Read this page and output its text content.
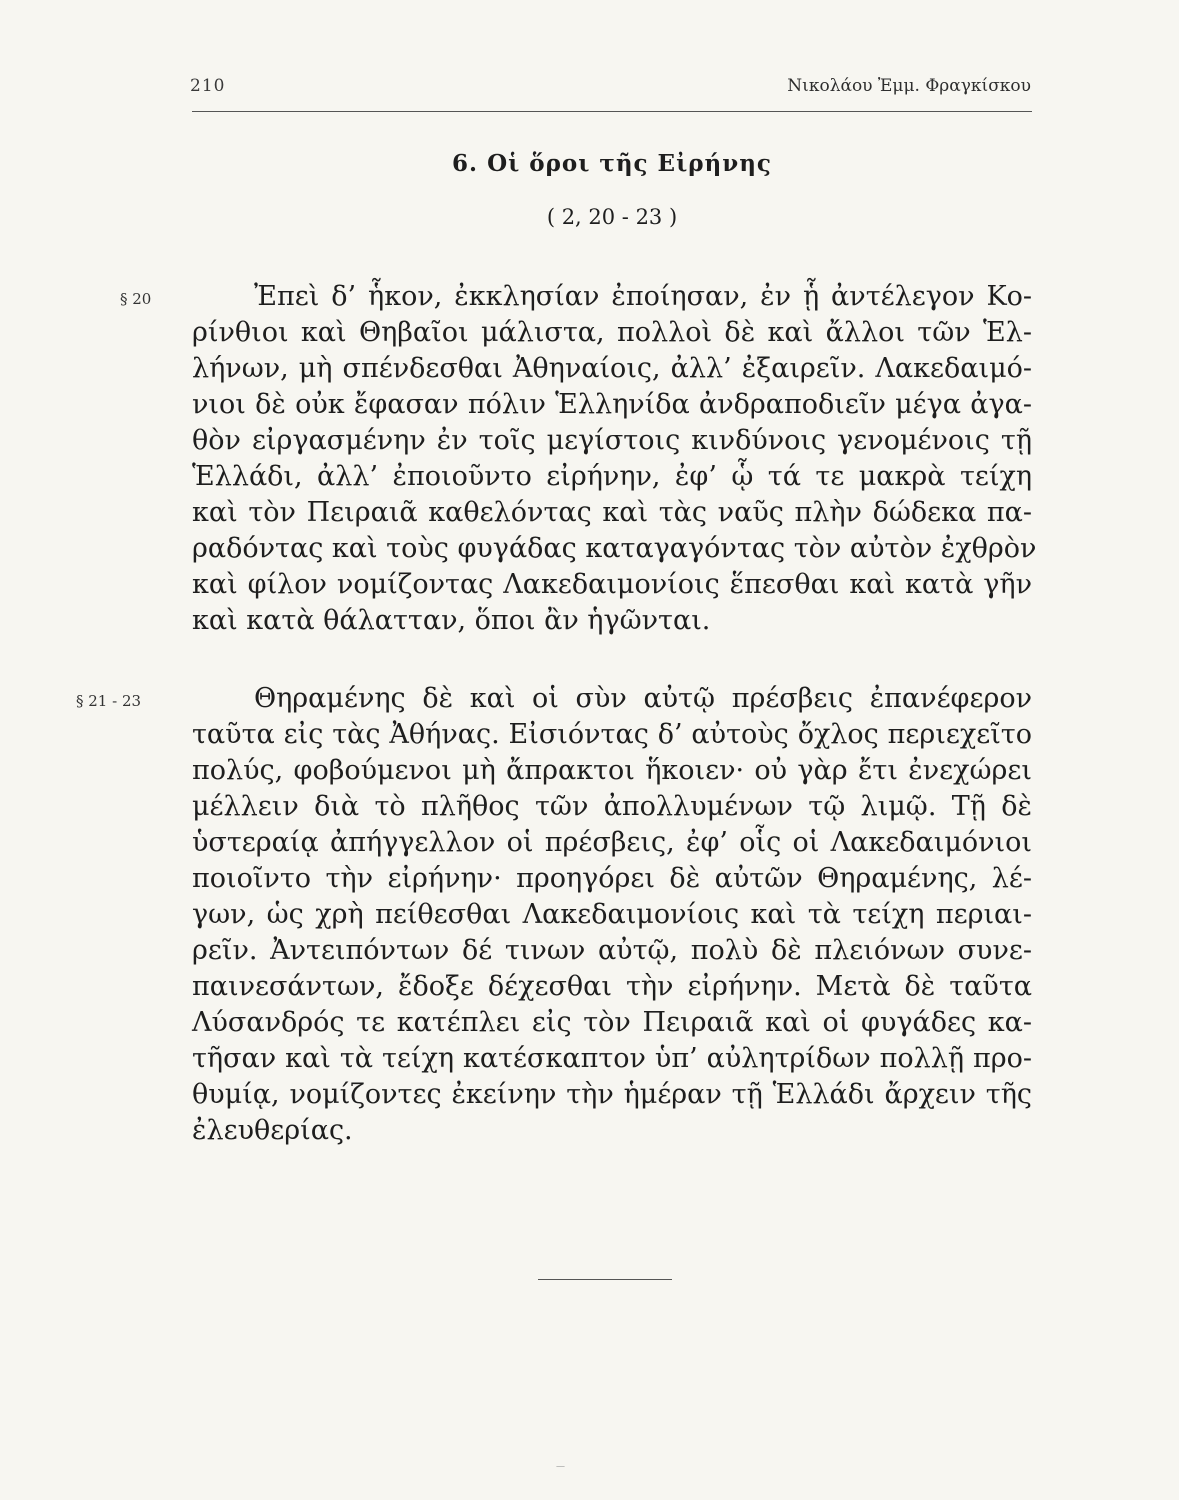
210	Νικολάου Ἐμμ. Φραγκίσκου
6. Οἱ ὅροι τῆς Εἰρήνης
( 2, 20 - 23 )
§ 20	Ἐπεὶ δ’ ἧκον, ἐκκλησίαν ἐποίησαν, ἐν ᾗ ἀντέλεγον Κο-
ρίνθιοι καὶ Θηβαῖοι μάλιστα, πολλοὶ δὲ καὶ ἄλλοι τῶν Ἑλ-
λήνων, μὴ σπένδεσθαι Ἀθηναίοις, ἀλλ’ ἐξαιρεῖν. Λακεδαιμό-
νιοι δὲ οὐκ ἔφασαν πόλιν Ἑλληνίδα ἀνδραποδιεῖν μέγα ἀγα-
θὸν εἰργασμένην ἐν τοῖς μεγίστοις κινδύνοις γενομένοις τῇ
Ἑλλάδι, ἀλλ’ ἐποιοῦντο εἰρήνην, ἐφ’ ᾧ τά τε μακρὰ τείχη
καὶ τὸν Πειραιᾶ καθελόντας καὶ τὰς ναῦς πλὴν δώδεκα πα-
ραδόντας καὶ τοὺς φυγάδας καταγαγόντας τὸν αὐτὸν ἐχθρὸν
καὶ φίλον νομίζοντας Λακεδαιμονίοις ἕπεσθαι καὶ κατὰ γῆν
καὶ κατὰ θάλατταν, ὅποι ἂν ἡγῶνται.
§ 21 - 23	Θηραμένης δὲ καὶ οἱ σὺν αὐτῷ πρέσβεις ἐπανέφερον
ταῦτα εἰς τὰς Ἀθήνας. Εἰσιόντας δ’ αὐτοὺς ὄχλος περιεχεῖτο
πολύς, φοβούμενοι μὴ ἄπρακτοι ἥκοιεν· οὐ γὰρ ἔτι ἐνεχώρει
μέλλειν διὰ τὸ πλῆθος τῶν ἀπολλυμένων τῷ λιμῷ. Τῇ δὲ
ὑστεραίᾳ ἀπήγγελλον οἱ πρέσβεις, ἐφ’ οἷς οἱ Λακεδαιμόνιοι
ποιοῖντο τὴν εἰρήνην· προηγόρει δὲ αὐτῶν Θηραμένης, λέ-
γων, ὡς χρὴ πείθεσθαι Λακεδαιμονίοις καὶ τὰ τείχη περιαι-
ρεῖν. Ἀντειπόντων δέ τινων αὐτῷ, πολὺ δὲ πλειόνων συνε-
παινεσάντων, ἔδοξε δέχεσθαι τὴν εἰρήνην. Μετὰ δὲ ταῦτα
Λύσανδρός τε κατέπλει εἰς τὸν Πειραιᾶ καὶ οἱ φυγάδες κα-
τῆσαν καὶ τὰ τείχη κατέσκαπτον ὑπ’ αὐλητρίδων πολλῇ προ-
θυμίᾳ, νομίζοντες ἐκείνην τὴν ἡμέραν τῇ Ἑλλάδι ἄρχειν τῆς
ἐλευθερίας.
—
